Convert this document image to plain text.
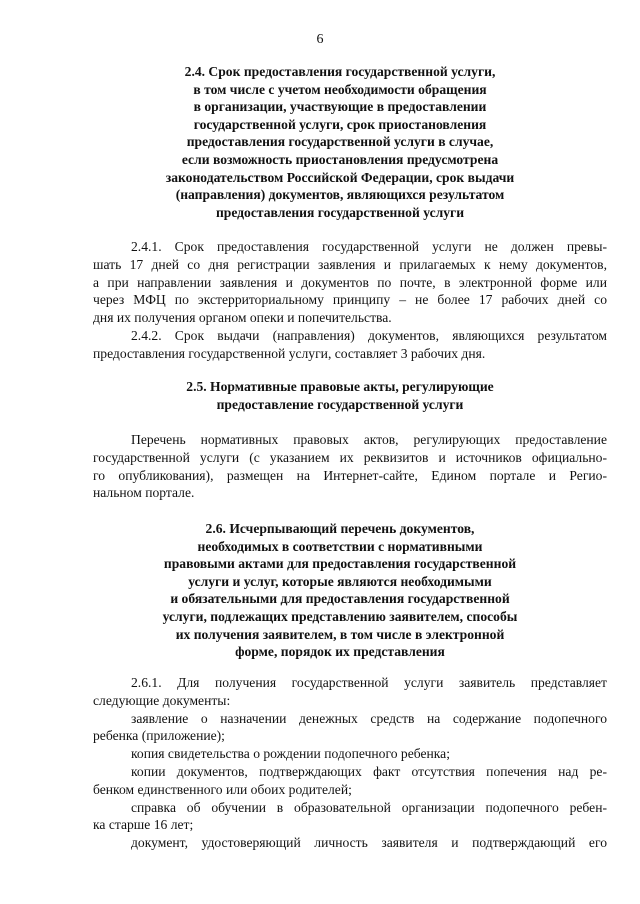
6
2.4. Срок предоставления государственной услуги,
в том числе с учетом необходимости обращения
в организации, участвующие в предоставлении
государственной услуги, срок приостановления
предоставления государственной услуги в случае,
если возможность приостановления предусмотрена
законодательством Российской Федерации, срок выдачи
(направления) документов, являющихся результатом
предоставления государственной услуги
2.4.1. Срок предоставления государственной услуги не должен превы-
шать 17 дней со дня регистрации заявления и прилагаемых к нему документов,
а при направлении заявления и документов по почте, в электронной форме или
через МФЦ по экстерриториальному принципу – не более 17 рабочих дней со
дня их получения органом опеки и попечительства.
2.4.2. Срок выдачи (направления) документов, являющихся результатом
предоставления государственной услуги, составляет 3 рабочих дня.
2.5. Нормативные правовые акты, регулирующие
предоставление государственной услуги
Перечень нормативных правовых актов, регулирующих предоставление
государственной услуги (с указанием их реквизитов и источников официально-
го опубликования), размещен на Интернет-сайте, Едином портале и Регио-
нальном портале.
2.6. Исчерпывающий перечень документов,
необходимых в соответствии с нормативными
правовыми актами для предоставления государственной
услуги и услуг, которые являются необходимыми
и обязательными для предоставления государственной
услуги, подлежащих представлению заявителем, способы
их получения заявителем, в том числе в электронной
форме, порядок их представления
2.6.1. Для получения государственной услуги заявитель представляет
следующие документы:
заявление о назначении денежных средств на содержание подопечного
ребенка (приложение);
копия свидетельства о рождении подопечного ребенка;
копии документов, подтверждающих факт отсутствия попечения над ре-
бенком единственного или обоих родителей;
справка об обучении в образовательной организации подопечного ребен-
ка старше 16 лет;
документ, удостоверяющий личность заявителя и подтверждающий его
